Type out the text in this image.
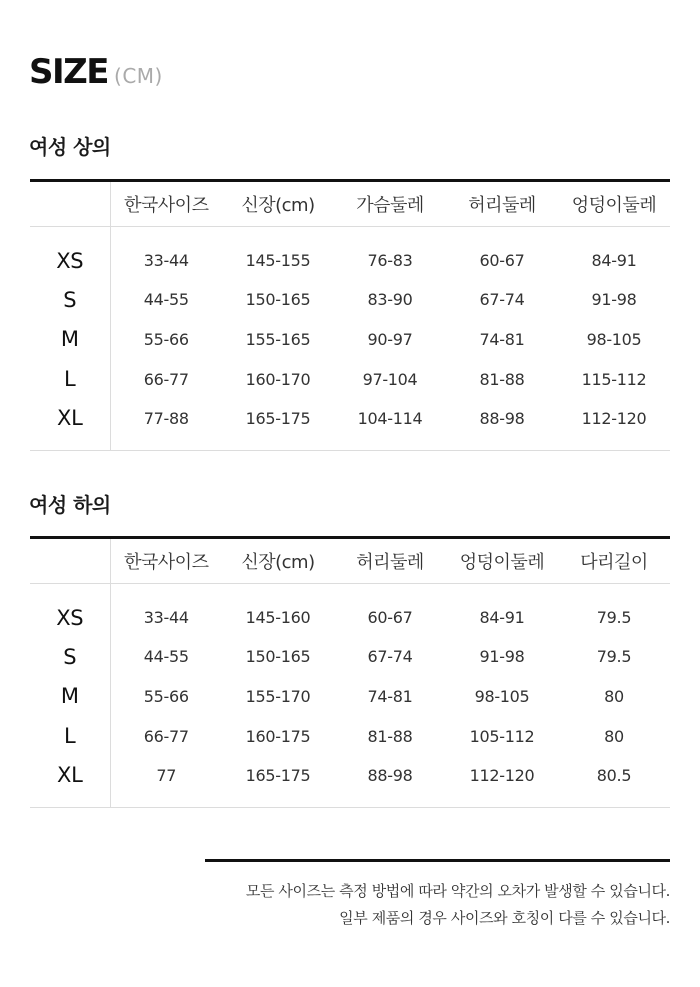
SIZE (CM)
여성 상의
	한국사이즈	신장(cm)	가슴둘레	허리둘레	엉덩이둘레
XS	33-44	145-155	76-83	60-67	84-91
S	44-55	150-165	83-90	67-74	91-98
M	55-66	155-165	90-97	74-81	98-105
L	66-77	160-170	97-104	81-88	115-112
XL	77-88	165-175	104-114	88-98	112-120
여성 하의
	한국사이즈	신장(cm)	허리둘레	엉덩이둘레	다리길이
XS	33-44	145-160	60-67	84-91	79.5
S	44-55	150-165	67-74	91-98	79.5
M	55-66	155-170	74-81	98-105	80
L	66-77	160-175	81-88	105-112	80
XL	77	165-175	88-98	112-120	80.5
모든 사이즈는 측정 방법에 따라 약간의 오차가 발생할 수 있습니다.
일부 제품의 경우 사이즈와 호칭이 다를 수 있습니다.
